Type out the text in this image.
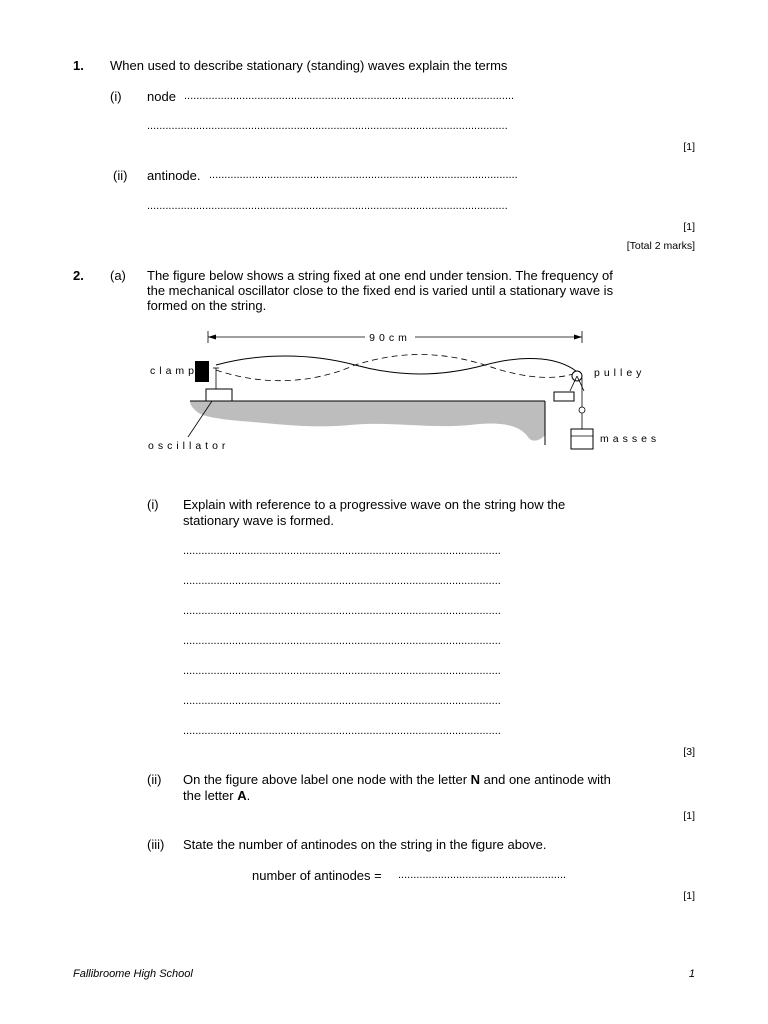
1. When used to describe stationary (standing) waves explain the terms
(i) node ............................................................................................................
......................................................................................................................
[1]
(ii) antinode. .....................................................................................................
......................................................................................................................
[1]
[Total 2 marks]
2. (a) The figure below shows a string fixed at one end under tension. The frequency of
the mechanical oscillator close to the fixed end is varied until a stationary wave is
formed on the string.
90cm
clamp
oscillator
pulley
masses
(i) Explain with reference to a progressive wave on the string how the
stationary wave is formed.
........................................................................................................
........................................................................................................
........................................................................................................
........................................................................................................
........................................................................................................
........................................................................................................
........................................................................................................
[3]
(ii) On the figure above label one node with the letter N and one antinode with
the letter A.
[1]
(iii) State the number of antinodes on the string in the figure above.
number of antinodes = .......................................................
[1]
Fallibroome High School	1
